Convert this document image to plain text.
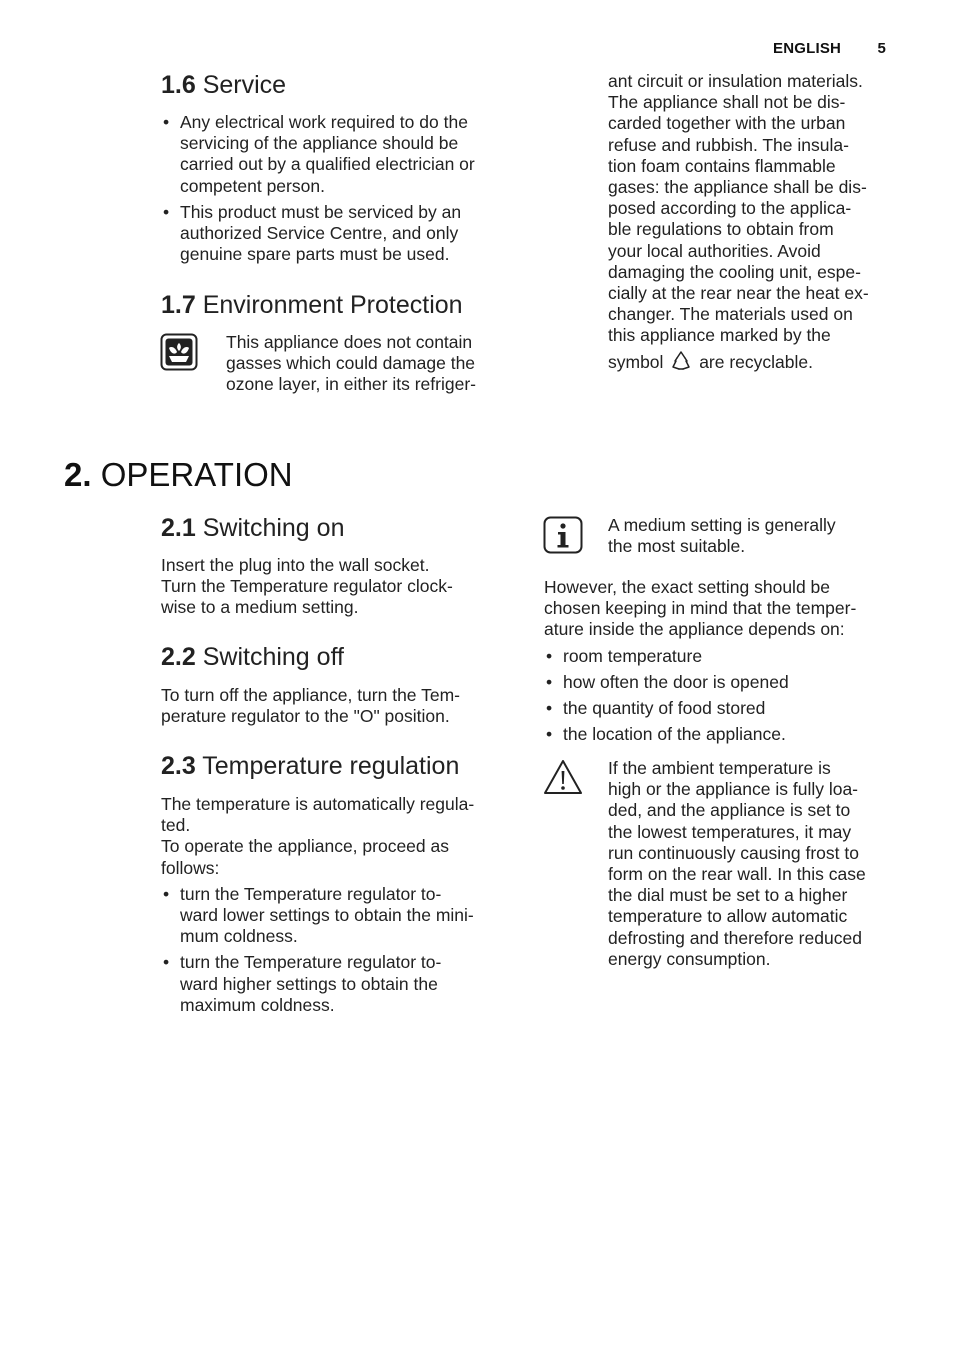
ENGLISH 5
1.6 Service
• Any electrical work required to do the
servicing of the appliance should be
carried out by a qualified electrician or
competent person.
• This product must be serviced by an
authorized Service Centre, and only
genuine spare parts must be used.
1.7 Environment Protection
This appliance does not contain
gasses which could damage the
ozone layer, in either its refriger-
ant circuit or insulation materials.
The appliance shall not be dis-
carded together with the urban
refuse and rubbish. The insula-
tion foam contains flammable
gases: the appliance shall be dis-
posed according to the applica-
ble regulations to obtain from
your local authorities. Avoid
damaging the cooling unit, espe-
cially at the rear near the heat ex-
changer. The materials used on
this appliance marked by the
symbol are recyclable.
2. OPERATION
2.1 Switching on
Insert the plug into the wall socket.
Turn the Temperature regulator clock-
wise to a medium setting.
2.2 Switching off
To turn off the appliance, turn the Tem-
perature regulator to the "O" position.
2.3 Temperature regulation
The temperature is automatically regula-
ted.
To operate the appliance, proceed as
follows:
• turn the Temperature regulator to-
ward lower settings to obtain the mini-
mum coldness.
• turn the Temperature regulator to-
ward higher settings to obtain the
maximum coldness.
A medium setting is generally
the most suitable.
However, the exact setting should be
chosen keeping in mind that the temper-
ature inside the appliance depends on:
• room temperature
• how often the door is opened
• the quantity of food stored
• the location of the appliance.
If the ambient temperature is
high or the appliance is fully loa-
ded, and the appliance is set to
the lowest temperatures, it may
run continuously causing frost to
form on the rear wall. In this case
the dial must be set to a higher
temperature to allow automatic
defrosting and therefore reduced
energy consumption.
